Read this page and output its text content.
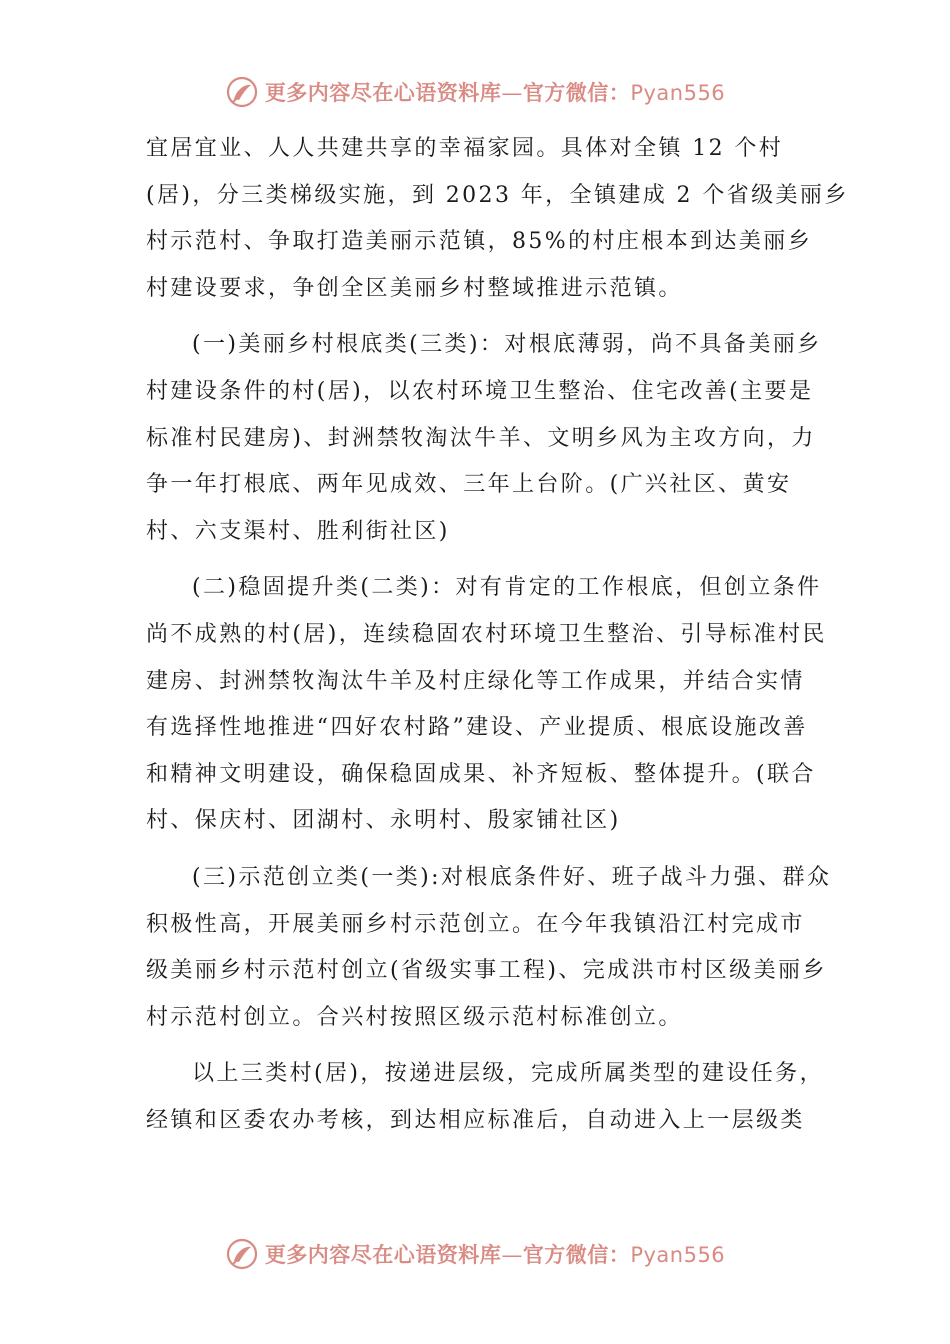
更多内容尽在心语资料库—官方微信：Pyan556
宜居宜业、人人共建共享的幸福家园。具体对全镇 12 个村
(居)，分三类梯级实施，到 2023 年，全镇建成 2 个省级美丽乡
村示范村、争取打造美丽示范镇，85%的村庄根本到达美丽乡
村建设要求，争创全区美丽乡村整域推进示范镇。
(一)美丽乡村根底类(三类)：对根底薄弱，尚不具备美丽乡
村建设条件的村(居)，以农村环境卫生整治、住宅改善(主要是
标准村民建房)、封洲禁牧淘汰牛羊、文明乡风为主攻方向，力
争一年打根底、两年见成效、三年上台阶。(广兴社区、黄安
村、六支渠村、胜利街社区)
(二)稳固提升类(二类)：对有肯定的工作根底，但创立条件
尚不成熟的村(居)，连续稳固农村环境卫生整治、引导标准村民
建房、封洲禁牧淘汰牛羊及村庄绿化等工作成果，并结合实情
有选择性地推进“四好农村路”建设、产业提质、根底设施改善
和精神文明建设，确保稳固成果、补齐短板、整体提升。(联合
村、保庆村、团湖村、永明村、殷家铺社区)
(三)示范创立类(一类):对根底条件好、班子战斗力强、群众
积极性高，开展美丽乡村示范创立。在今年我镇沿江村完成市
级美丽乡村示范村创立(省级实事工程)、完成洪市村区级美丽乡
村示范村创立。合兴村按照区级示范村标准创立。
以上三类村(居)，按递进层级，完成所属类型的建设任务，
经镇和区委农办考核，到达相应标准后，自动进入上一层级类
更多内容尽在心语资料库—官方微信：Pyan556
